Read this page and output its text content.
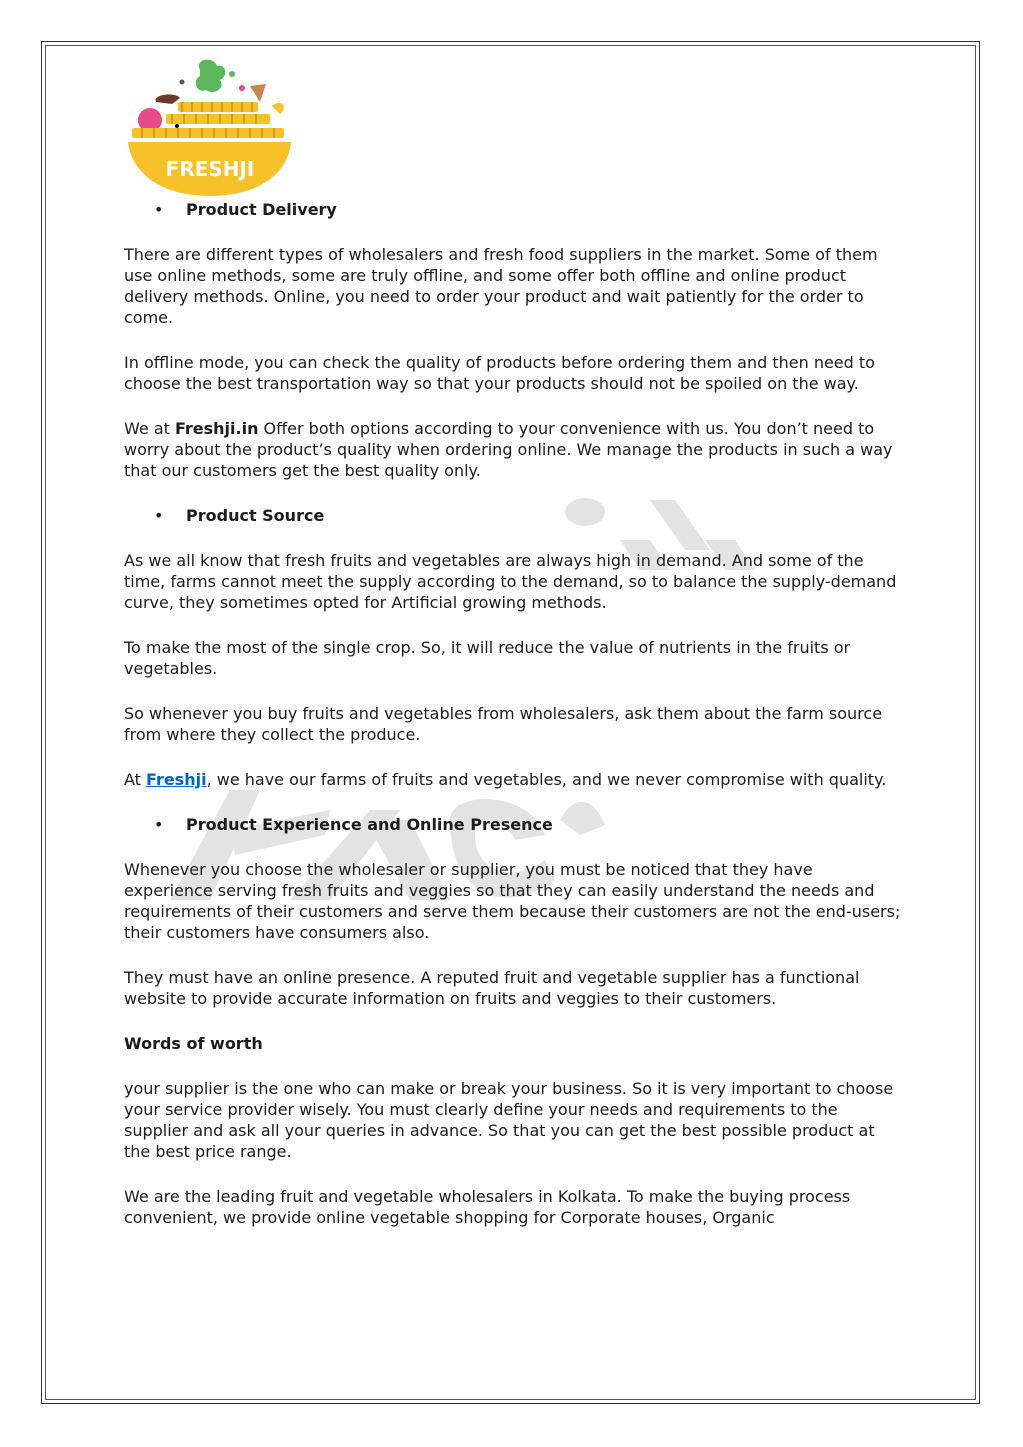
FRESHJI
• Product Delivery

There are different types of wholesalers and fresh food suppliers in the market. Some of them use online methods, some are truly offline, and some offer both offline and online product delivery methods. Online, you need to order your product and wait patiently for the order to come.

In offline mode, you can check the quality of products before ordering them and then need to choose the best transportation way so that your products should not be spoiled on the way.

We at Freshji.in Offer both options according to your convenience with us. You don’t need to worry about the product’s quality when ordering online. We manage the products in such a way that our customers get the best quality only.

• Product Source

As we all know that fresh fruits and vegetables are always high in demand. And some of the time, farms cannot meet the supply according to the demand, so to balance the supply-demand curve, they sometimes opted for Artificial growing methods.

To make the most of the single crop. So, it will reduce the value of nutrients in the fruits or vegetables.

So whenever you buy fruits and vegetables from wholesalers, ask them about the farm source from where they collect the produce.

At Freshji, we have our farms of fruits and vegetables, and we never compromise with quality.

• Product Experience and Online Presence

Whenever you choose the wholesaler or supplier, you must be noticed that they have experience serving fresh fruits and veggies so that they can easily understand the needs and requirements of their customers and serve them because their customers are not the end-users; their customers have consumers also.

They must have an online presence. A reputed fruit and vegetable supplier has a functional website to provide accurate information on fruits and veggies to their customers.

Words of worth

your supplier is the one who can make or break your business. So it is very important to choose your service provider wisely. You must clearly define your needs and requirements to the supplier and ask all your queries in advance. So that you can get the best possible product at the best price range.

We are the leading fruit and vegetable wholesalers in Kolkata. To make the buying process convenient, we provide online vegetable shopping for Corporate houses, Organic
